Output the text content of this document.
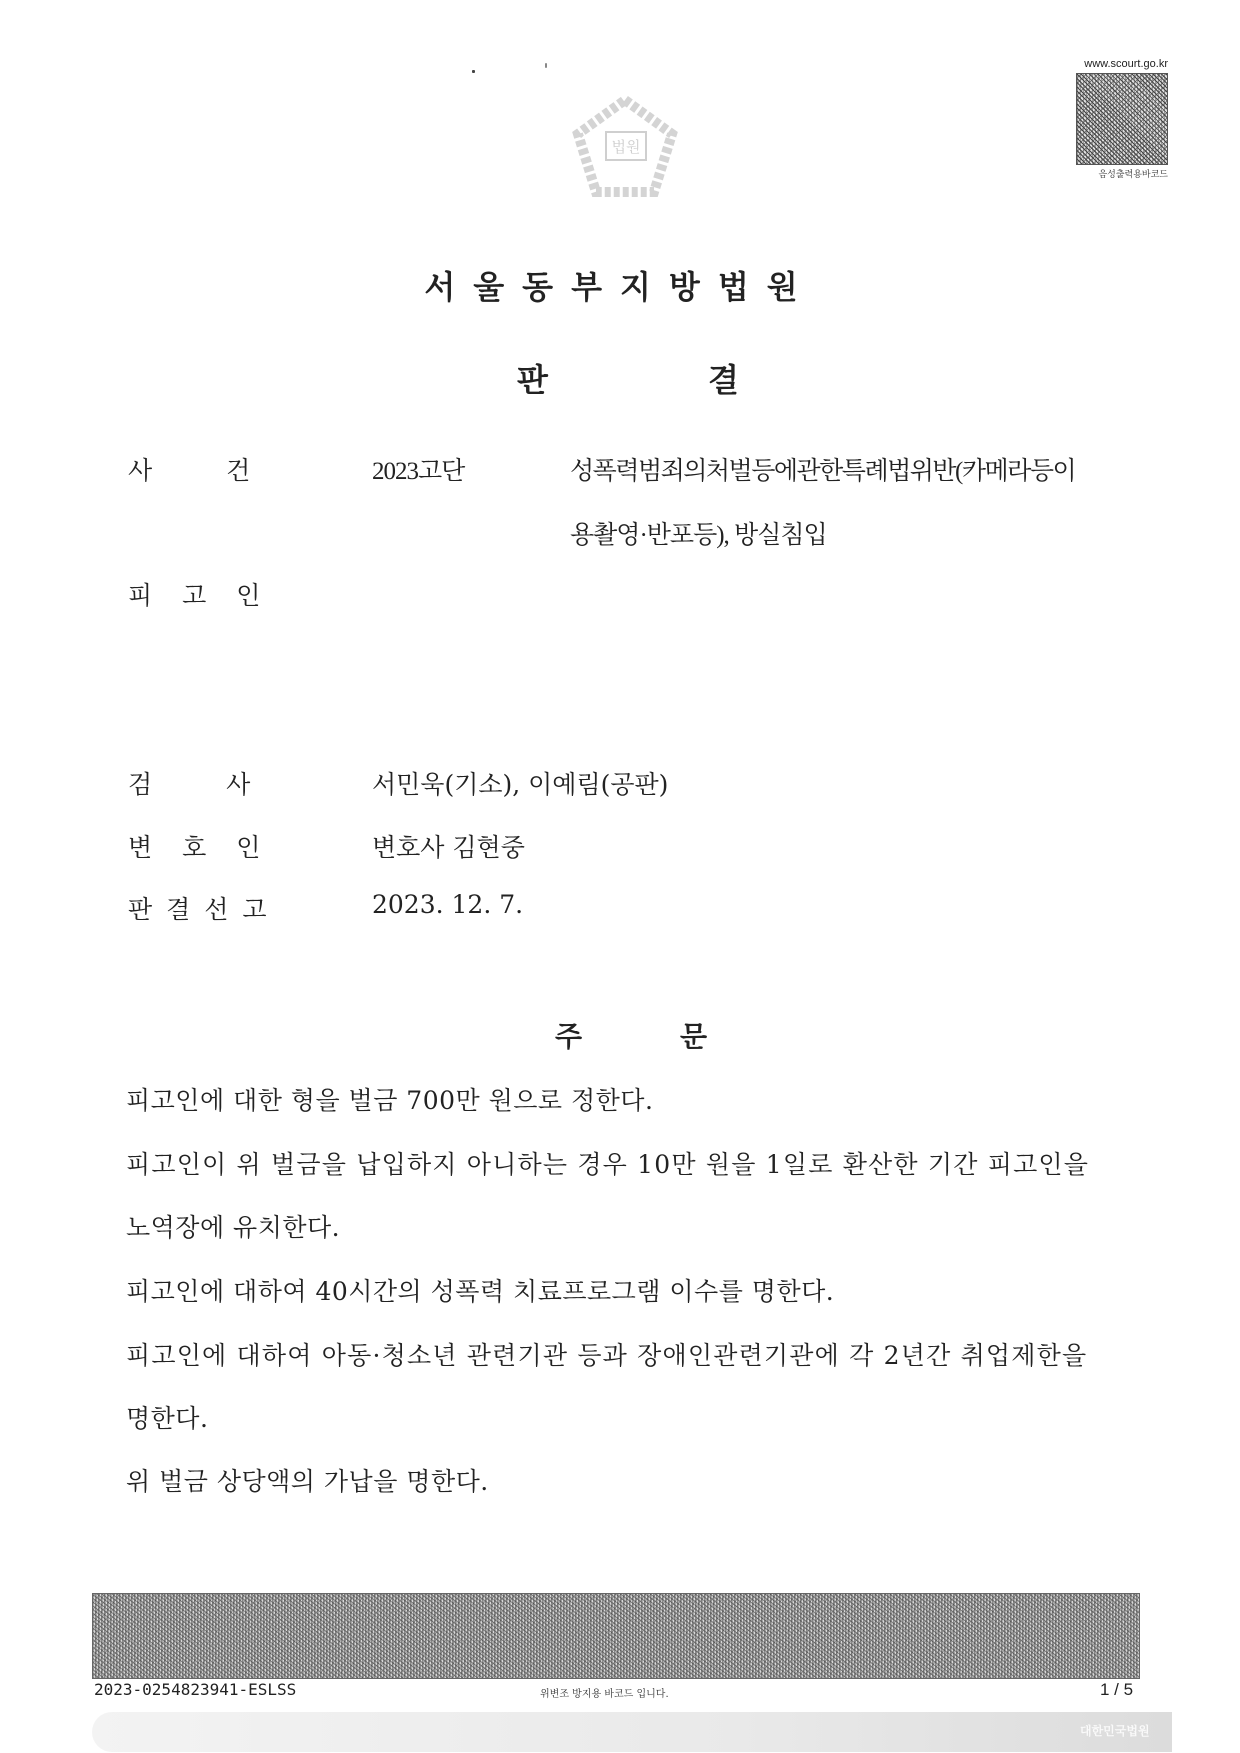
법원
www.scourt.go.kr
음성출력용바코드
서울동부지방법원
판	결
사	건	2023고단	성폭력범죄의처벌등에관한특례법위반(카메라등이
용촬영·반포등), 방실침입
피 고 인
검	사	서민욱(기소), 이예림(공판)
변 호 인	변호사 김현중
판 결 선 고	2023. 12. 7.
주	문
피고인에 대한 형을 벌금 700만 원으로 정한다.
피고인이 위 벌금을 납입하지 아니하는 경우 10만 원을 1일로 환산한 기간 피고인을
노역장에 유치한다.
피고인에 대하여 40시간의 성폭력 치료프로그램 이수를 명한다.
피고인에 대하여 아동·청소년 관련기관 등과 장애인관련기관에 각 2년간 취업제한을
명한다.
위 벌금 상당액의 가납을 명한다.
2023-0254823941-ESLSS	위변조 방지용 바코드 입니다.	1 / 5
대한민국법원
